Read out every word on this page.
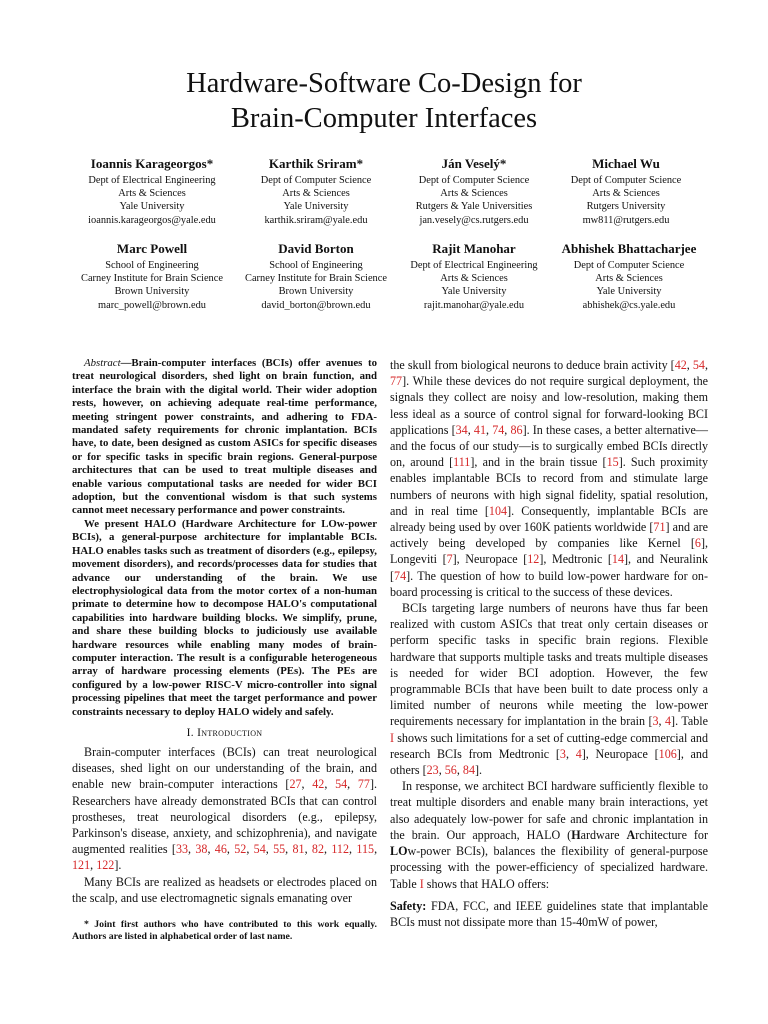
Hardware-Software Co-Design for
Brain-Computer Interfaces
Ioannis Karageorgos*
Dept of Electrical Engineering
Arts & Sciences
Yale University
ioannis.karageorgos@yale.edu
Karthik Sriram*
Dept of Computer Science
Arts & Sciences
Yale University
karthik.sriram@yale.edu
Ján Veselý*
Dept of Computer Science
Arts & Sciences
Rutgers & Yale Universities
jan.vesely@cs.rutgers.edu
Michael Wu
Dept of Computer Science
Arts & Sciences
Rutgers University
mw811@rutgers.edu
Marc Powell
School of Engineering
Carney Institute for Brain Science
Brown University
marc_powell@brown.edu
David Borton
School of Engineering
Carney Institute for Brain Science
Brown University
david_borton@brown.edu
Rajit Manohar
Dept of Electrical Engineering
Arts & Sciences
Yale University
rajit.manohar@yale.edu
Abhishek Bhattacharjee
Dept of Computer Science
Arts & Sciences
Yale University
abhishek@cs.yale.edu

Abstract—Brain-computer interfaces (BCIs) offer avenues to treat neurological disorders, shed light on brain function, and interface the brain with the digital world. Their wider adoption rests, however, on achieving adequate real-time performance, meeting stringent power constraints, and adhering to FDA-mandated safety requirements for chronic implantation. BCIs have, to date, been designed as custom ASICs for specific diseases or for specific tasks in specific brain regions. General-purpose architectures that can be used to treat multiple diseases and enable various computational tasks are needed for wider BCI adoption, but the conventional wisdom is that such systems cannot meet necessary performance and power constraints.

We present HALO (Hardware Architecture for LOw-power BCIs), a general-purpose architecture for implantable BCIs. HALO enables tasks such as treatment of disorders (e.g., epilepsy, movement disorders), and records/processes data for studies that advance our understanding of the brain. We use electrophysiological data from the motor cortex of a non-human primate to determine how to decompose HALO's computational capabilities into hardware building blocks. We simplify, prune, and share these building blocks to judiciously use available hardware resources while enabling many modes of brain-computer interaction. The result is a configurable heterogeneous array of hardware processing elements (PEs). The PEs are configured by a low-power RISC-V micro-controller into signal processing pipelines that meet the target performance and power constraints necessary to deploy HALO widely and safely.

I. Introduction

Brain-computer interfaces (BCIs) can treat neurological diseases, shed light on our understanding of the brain, and enable new brain-computer interactions [27, 42, 54, 77]. Researchers have already demonstrated BCIs that can control prostheses, treat neurological disorders (e.g., epilepsy, Parkinson's disease, anxiety, and schizophrenia), and navigate augmented realities [33, 38, 46, 52, 54, 55, 81, 82, 112, 115, 121, 122].

Many BCIs are realized as headsets or electrodes placed on the scalp, and use electromagnetic signals emanating over

* Joint first authors who have contributed to this work equally. Authors are listed in alphabetical order of last name.

the skull from biological neurons to deduce brain activity [42, 54, 77]. While these devices do not require surgical deployment, the signals they collect are noisy and low-resolution, making them less ideal as a source of control signal for forward-looking BCI applications [34, 41, 74, 86]. In these cases, a better alternative—and the focus of our study—is to surgically embed BCIs directly on, around [111], and in the brain tissue [15]. Such proximity enables implantable BCIs to record from and stimulate large numbers of neurons with high signal fidelity, spatial resolution, and in real time [104]. Consequently, implantable BCIs are already being used by over 160K patients worldwide [71] and are actively being developed by companies like Kernel [6], Longeviti [7], Neuropace [12], Medtronic [14], and Neuralink [74]. The question of how to build low-power hardware for on-board processing is critical to the success of these devices.

BCIs targeting large numbers of neurons have thus far been realized with custom ASICs that treat only certain diseases or perform specific tasks in specific brain regions. Flexible hardware that supports multiple tasks and treats multiple diseases is needed for wider BCI adoption. However, the few programmable BCIs that have been built to date process only a limited number of neurons while meeting the low-power requirements necessary for implantation in the brain [3, 4]. Table I shows such limitations for a set of cutting-edge commercial and research BCIs from Medtronic [3, 4], Neuropace [106], and others [23, 56, 84].

In response, we architect BCI hardware sufficiently flexible to treat multiple disorders and enable many brain interactions, yet also adequately low-power for safe and chronic implantation in the brain. Our approach, HALO (Hardware Architecture for LOw-power BCIs), balances the flexibility of general-purpose processing with the power-efficiency of specialized hardware. Table I shows that HALO offers:

Safety: FDA, FCC, and IEEE guidelines state that implantable BCIs must not dissipate more than 15-40mW of power,
